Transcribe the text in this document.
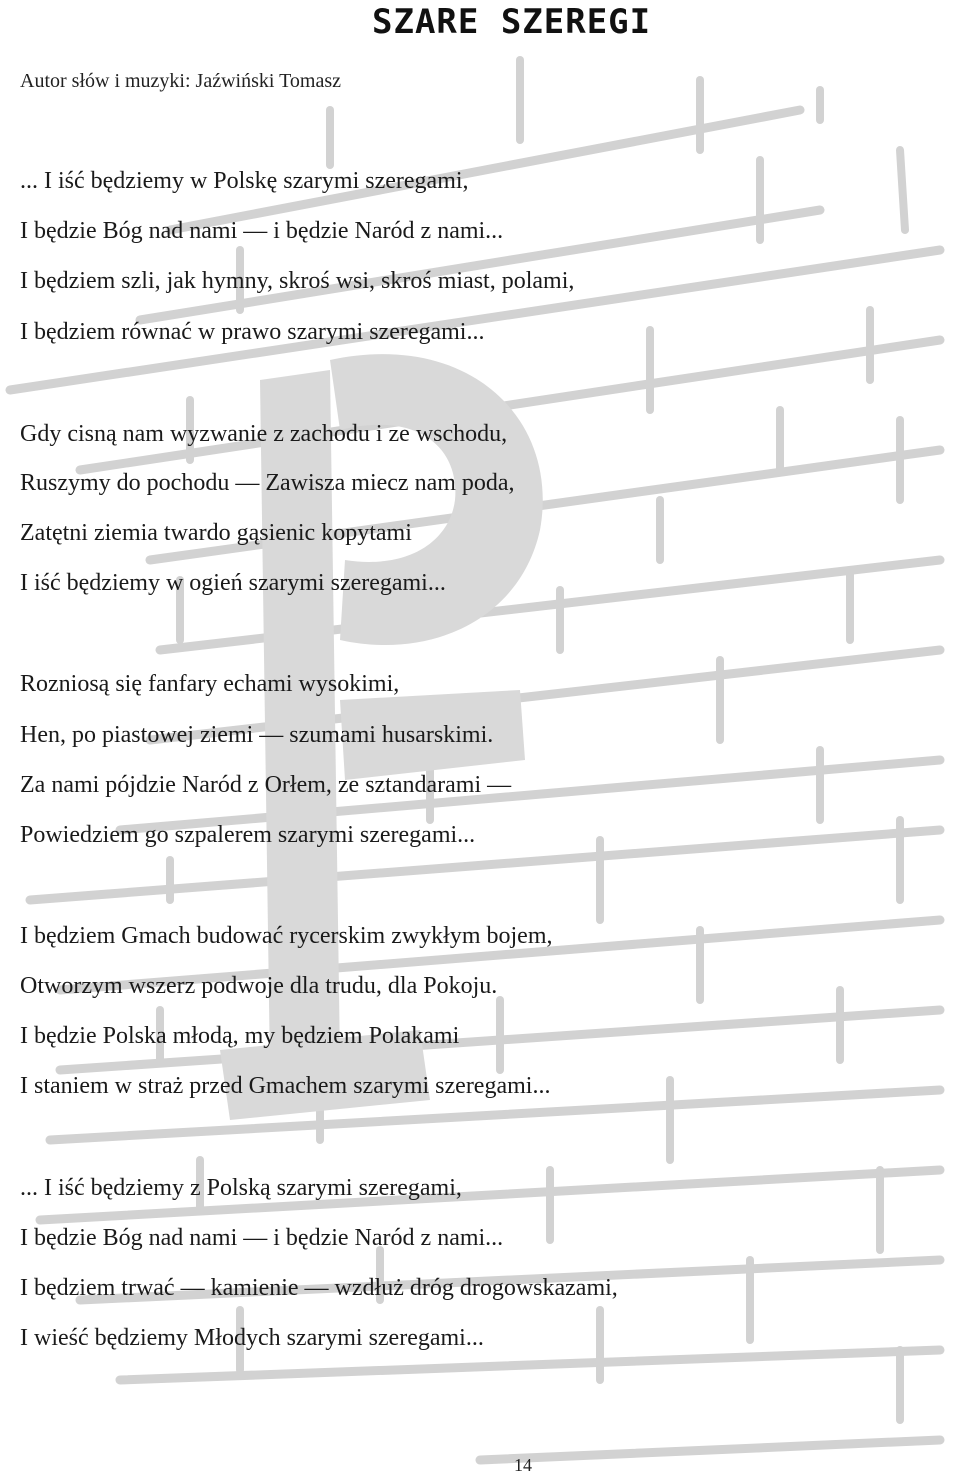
SZARE SZEREGI
Autor słów i muzyki: Jaźwiński Tomasz
... I iść będziemy w Polskę szarymi szeregami,
I będzie Bóg nad nami — i będzie Naród z nami...
I będziem szli, jak hymny, skroś wsi, skroś miast, polami,
I będziem równać w prawo szarymi szeregami...
Gdy cisną nam wyzwanie z zachodu i ze wschodu,
Ruszymy do pochodu — Zawisza miecz nam poda,
Zatętni ziemia twardo gąsienic kopytami
I iść będziemy w ogień szarymi szeregami...
Rozniosą się fanfary echami wysokimi,
Hen, po piastowej ziemi — szumami husarskimi.
Za nami pójdzie Naród z Orłem, ze sztandarami —
Powiedziem go szpalerem szarymi szeregami...
I będziem Gmach budować rycerskim zwykłym bojem,
Otworzym wszerz podwoje dla trudu, dla Pokoju.
I będzie Polska młodą, my będziem Polakami
I staniem w straż przed Gmachem szarymi szeregami...
... I iść będziemy z Polską szarymi szeregami,
I będzie Bóg nad nami — i będzie Naród z nami...
I będziem trwać — kamienie — wzdłuż dróg drogowskazami,
I wieść będziemy Młodych szarymi szeregami...
14
